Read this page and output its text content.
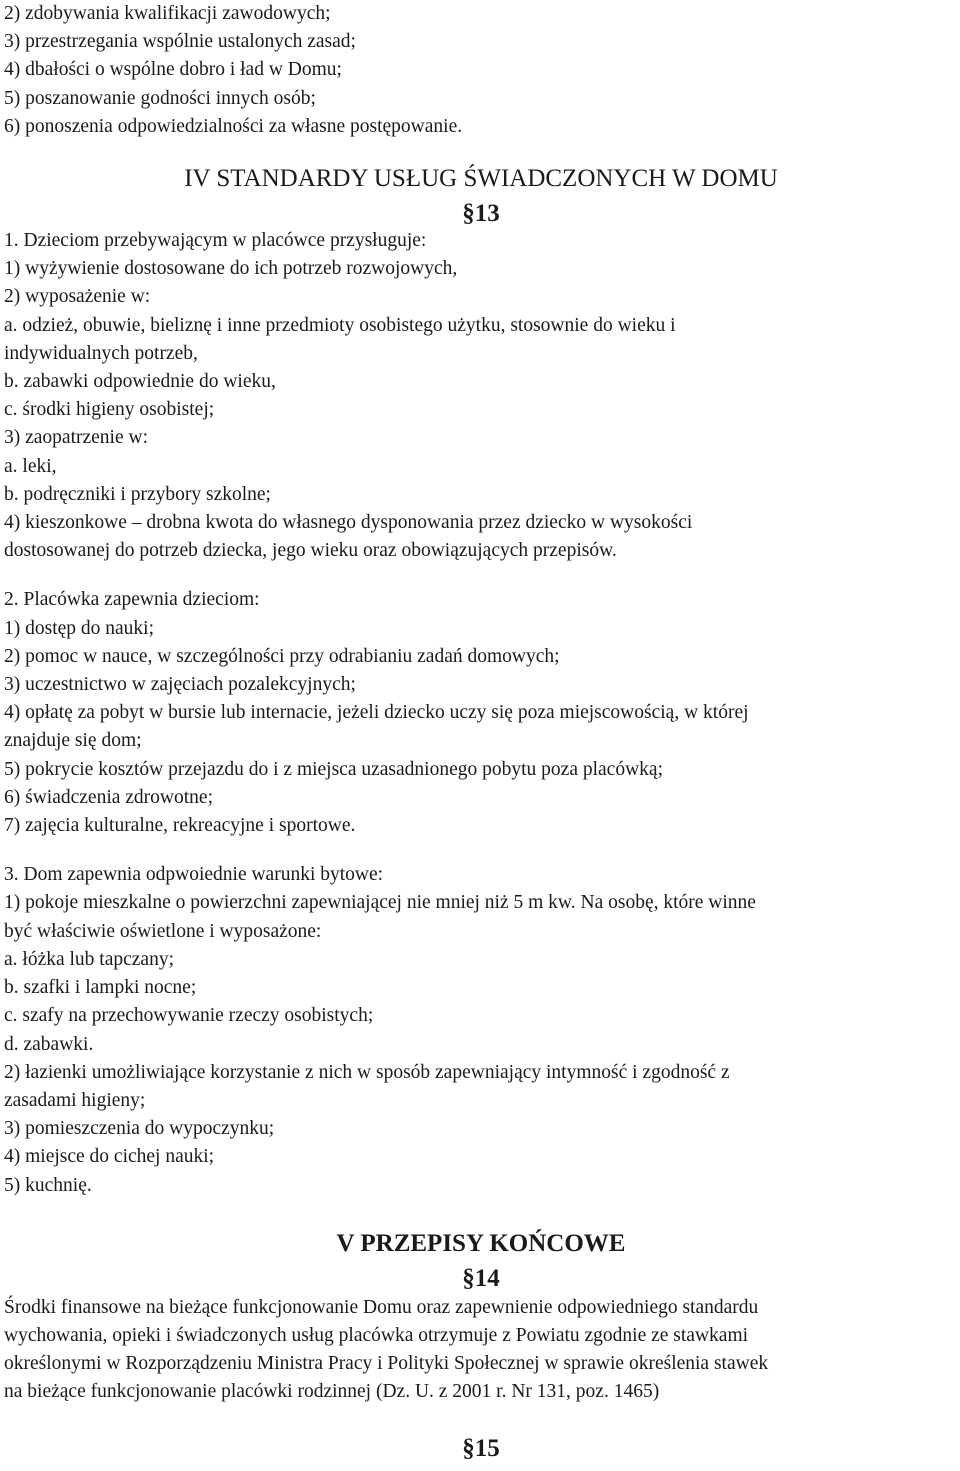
2) zdobywania kwalifikacji zawodowych;
3) przestrzegania wspólnie ustalonych zasad;
4) dbałości o wspólne dobro i ład w Domu;
5) poszanowanie godności innych osób;
6) ponoszenia odpowiedzialności za własne postępowanie.
IV STANDARDY USŁUG ŚWIADCZONYCH W DOMU
§13
1. Dzieciom przebywającym w placówce przysługuje:
1) wyżywienie dostosowane do ich potrzeb rozwojowych,
2) wyposażenie w:
a. odzież, obuwie, bieliznę i inne przedmioty osobistego użytku, stosownie do wieku i
indywidualnych potrzeb,
b. zabawki odpowiednie do wieku,
c. środki higieny osobistej;
3) zaopatrzenie w:
a. leki,
b. podręczniki i przybory szkolne;
4) kieszonkowe – drobna kwota do własnego dysponowania przez dziecko w wysokości
dostosowanej do potrzeb dziecka, jego wieku oraz obowiązujących przepisów.
2. Placówka zapewnia dzieciom:
1) dostęp do nauki;
2) pomoc w nauce, w szczególności przy odrabianiu zadań domowych;
3) uczestnictwo w zajęciach pozalekcyjnych;
4) opłatę za pobyt w bursie lub internacie, jeżeli dziecko uczy się poza miejscowością, w której
znajduje się dom;
5) pokrycie kosztów przejazdu do i z miejsca uzasadnionego pobytu poza placówką;
6) świadczenia zdrowotne;
7) zajęcia kulturalne, rekreacyjne i sportowe.
3. Dom zapewnia odpwoiednie warunki bytowe:
1) pokoje mieszkalne o powierzchni zapewniającej nie mniej niż 5 m kw. Na osobę, które winne
być właściwie oświetlone i wyposażone:
a. łóżka lub tapczany;
b. szafki i lampki nocne;
c. szafy na przechowywanie rzeczy osobistych;
d. zabawki.
2) łazienki umożliwiające korzystanie z nich w sposób zapewniający intymność i zgodność z
zasadami higieny;
3) pomieszczenia do wypoczynku;
4) miejsce do cichej nauki;
5) kuchnię.
V PRZEPISY KOŃCOWE
§14
Środki finansowe na bieżące funkcjonowanie Domu oraz zapewnienie odpowiedniego standardu
wychowania, opieki i świadczonych usług placówka otrzymuje z Powiatu zgodnie ze stawkami
określonymi w Rozporządzeniu Ministra Pracy i Polityki Społecznej w sprawie określenia stawek
na bieżące funkcjonowanie placówki rodzinnej (Dz. U. z 2001 r. Nr 131, poz. 1465)
§15
